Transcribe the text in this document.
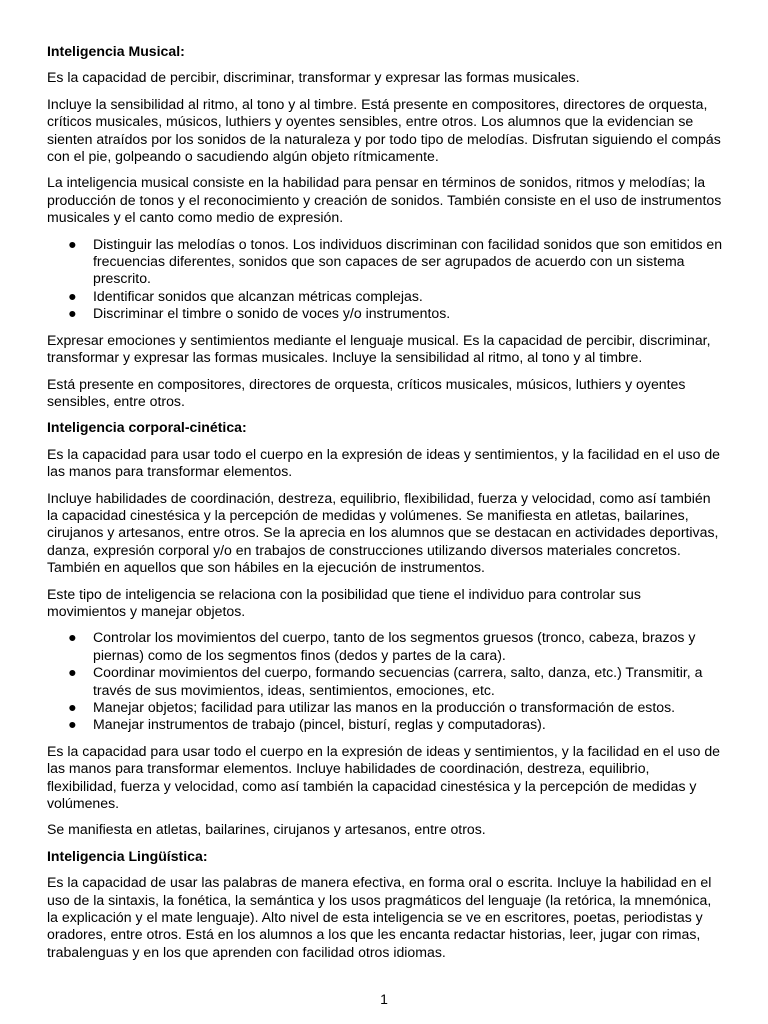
Inteligencia Musical:

Es la capacidad de percibir, discriminar, transformar y expresar las formas musicales.

Incluye la sensibilidad al ritmo, al tono y al timbre. Está presente en compositores, directores de orquesta, críticos musicales, músicos, luthiers y oyentes sensibles, entre otros. Los alumnos que la evidencian se sienten atraídos por los sonidos de la naturaleza y por todo tipo de melodías. Disfrutan siguiendo el compás con el pie, golpeando o sacudiendo algún objeto rítmicamente.

La inteligencia musical consiste en la habilidad para pensar en términos de sonidos, ritmos y melodías; la producción de tonos y el reconocimiento y creación de sonidos. También consiste en el uso de instrumentos musicales y el canto como medio de expresión.

● Distinguir las melodías o tonos. Los individuos discriminan con facilidad sonidos que son emitidos en frecuencias diferentes, sonidos que son capaces de ser agrupados de acuerdo con un sistema prescrito.
● Identificar sonidos que alcanzan métricas complejas.
● Discriminar el timbre o sonido de voces y/o instrumentos.

Expresar emociones y sentimientos mediante el lenguaje musical. Es la capacidad de percibir, discriminar, transformar y expresar las formas musicales. Incluye la sensibilidad al ritmo, al tono y al timbre.

Está presente en compositores, directores de orquesta, críticos musicales, músicos, luthiers y oyentes sensibles, entre otros.

Inteligencia corporal-cinética:

Es la capacidad para usar todo el cuerpo en la expresión de ideas y sentimientos, y la facilidad en el uso de las manos para transformar elementos.

Incluye habilidades de coordinación, destreza, equilibrio, flexibilidad, fuerza y velocidad, como así también la capacidad cinestésica y la percepción de medidas y volúmenes. Se manifiesta en atletas, bailarines, cirujanos y artesanos, entre otros. Se la aprecia en los alumnos que se destacan en actividades deportivas, danza, expresión corporal y/o en trabajos de construcciones utilizando diversos materiales concretos. También en aquellos que son hábiles en la ejecución de instrumentos.

Este tipo de inteligencia se relaciona con la posibilidad que tiene el individuo para controlar sus movimientos y manejar objetos.

● Controlar los movimientos del cuerpo, tanto de los segmentos gruesos (tronco, cabeza, brazos y piernas) como de los segmentos finos (dedos y partes de la cara).
● Coordinar movimientos del cuerpo, formando secuencias (carrera, salto, danza, etc.) Transmitir, a través de sus movimientos, ideas, sentimientos, emociones, etc.
● Manejar objetos; facilidad para utilizar las manos en la producción o transformación de estos.
● Manejar instrumentos de trabajo (pincel, bisturí, reglas y computadoras).

Es la capacidad para usar todo el cuerpo en la expresión de ideas y sentimientos, y la facilidad en el uso de las manos para transformar elementos. Incluye habilidades de coordinación, destreza, equilibrio, flexibilidad, fuerza y velocidad, como así también la capacidad cinestésica y la percepción de medidas y volúmenes.

Se manifiesta en atletas, bailarines, cirujanos y artesanos, entre otros.

Inteligencia Lingüística:

Es la capacidad de usar las palabras de manera efectiva, en forma oral o escrita. Incluye la habilidad en el uso de la sintaxis, la fonética, la semántica y los usos pragmáticos del lenguaje (la retórica, la mnemónica, la explicación y el mate lenguaje). Alto nivel de esta inteligencia se ve en escritores, poetas, periodistas y oradores, entre otros. Está en los alumnos a los que les encanta redactar historias, leer, jugar con rimas, trabalenguas y en los que aprenden con facilidad otros idiomas.

1
